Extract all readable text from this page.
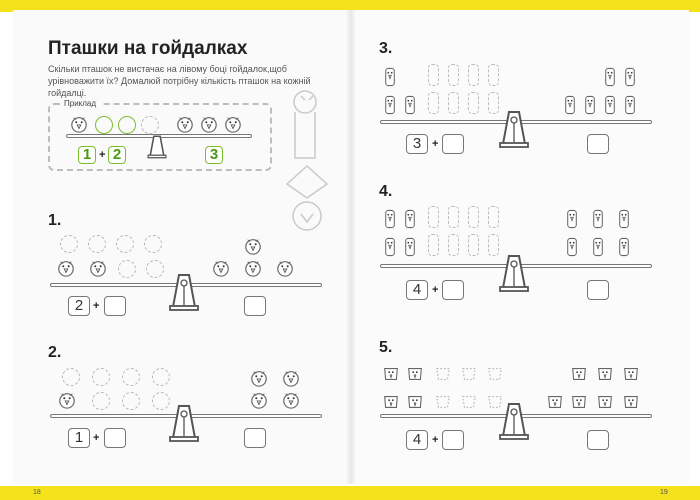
Пташки на гойдалках
Скільки пташок не вистачає на лівому боці гойдалок,щоб урівноважити їх? Домалюй потрібну кількість пташок на кожній гойдалці.
Приклад
1 + 2	3
1.
2.
3.
4.
5.
2 +
1 +
3 +
4 +
4 +
18	19
